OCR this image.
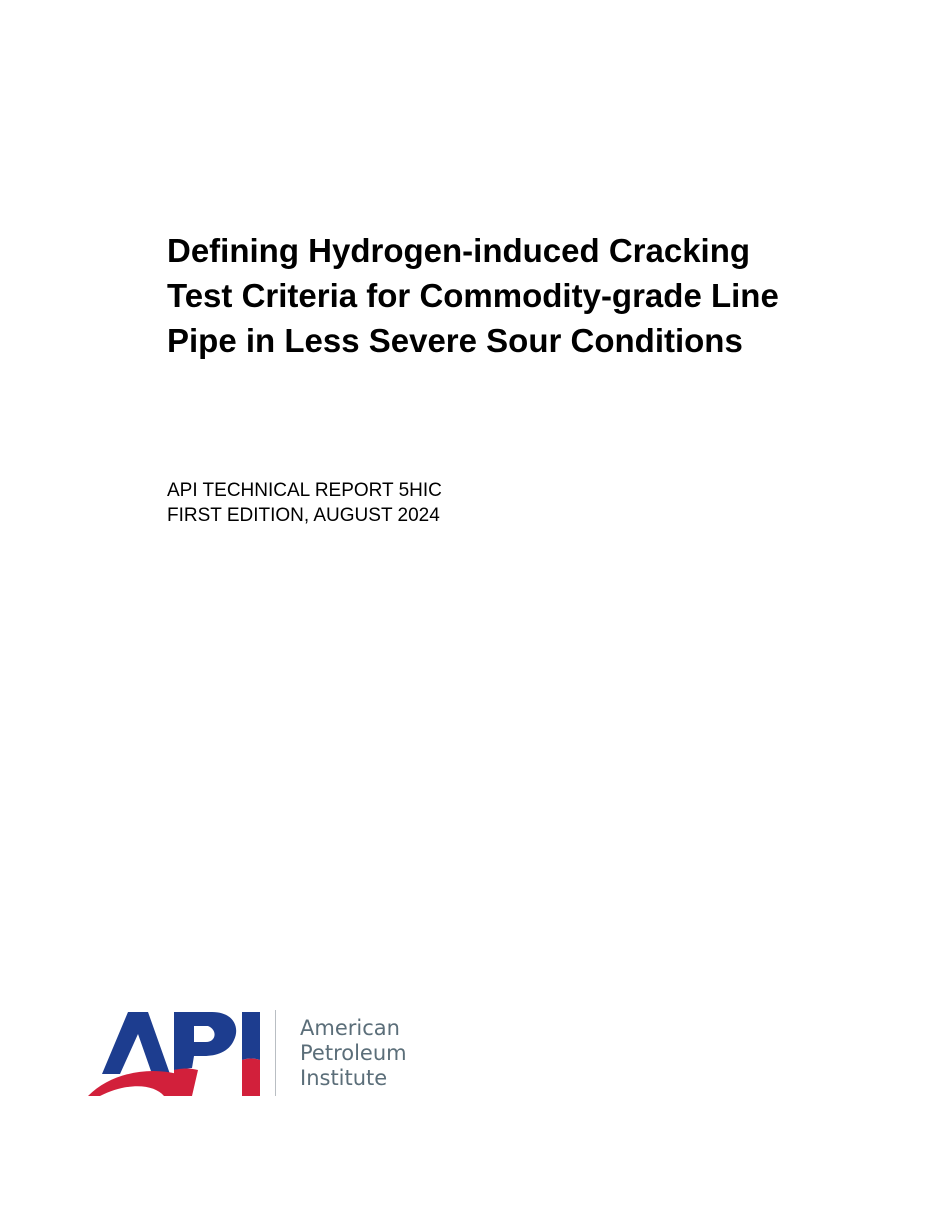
Defining Hydrogen-induced Cracking
Test Criteria for Commodity-grade Line
Pipe in Less Severe Sour Conditions
API TECHNICAL REPORT 5HIC
FIRST EDITION, AUGUST 2024
American
Petroleum
Institute
